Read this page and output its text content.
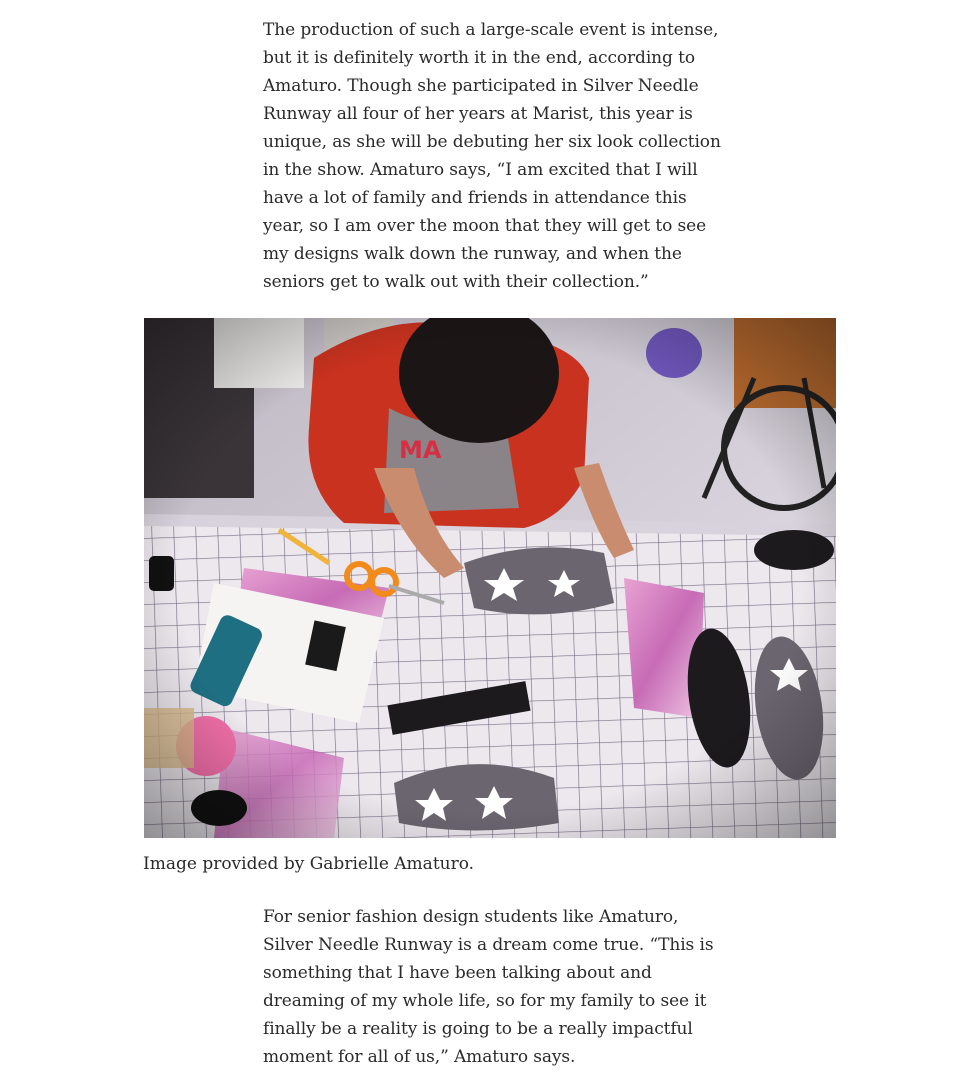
The production of such a large-scale event is intense,
but it is definitely worth it in the end, according to
Amaturo. Though she participated in Silver Needle
Runway all four of her years at Marist, this year is
unique, as she will be debuting her six look collection
in the show. Amaturo says, “I am excited that I will
have a lot of family and friends in attendance this
year, so I am over the moon that they will get to see
my designs walk down the runway, and when the
seniors get to walk out with their collection.”

Image provided by Gabrielle Amaturo.

For senior fashion design students like Amaturo,
Silver Needle Runway is a dream come true. “This is
something that I have been talking about and
dreaming of my whole life, so for my family to see it
finally be a reality is going to be a really impactful
moment for all of us,” Amaturo says.
